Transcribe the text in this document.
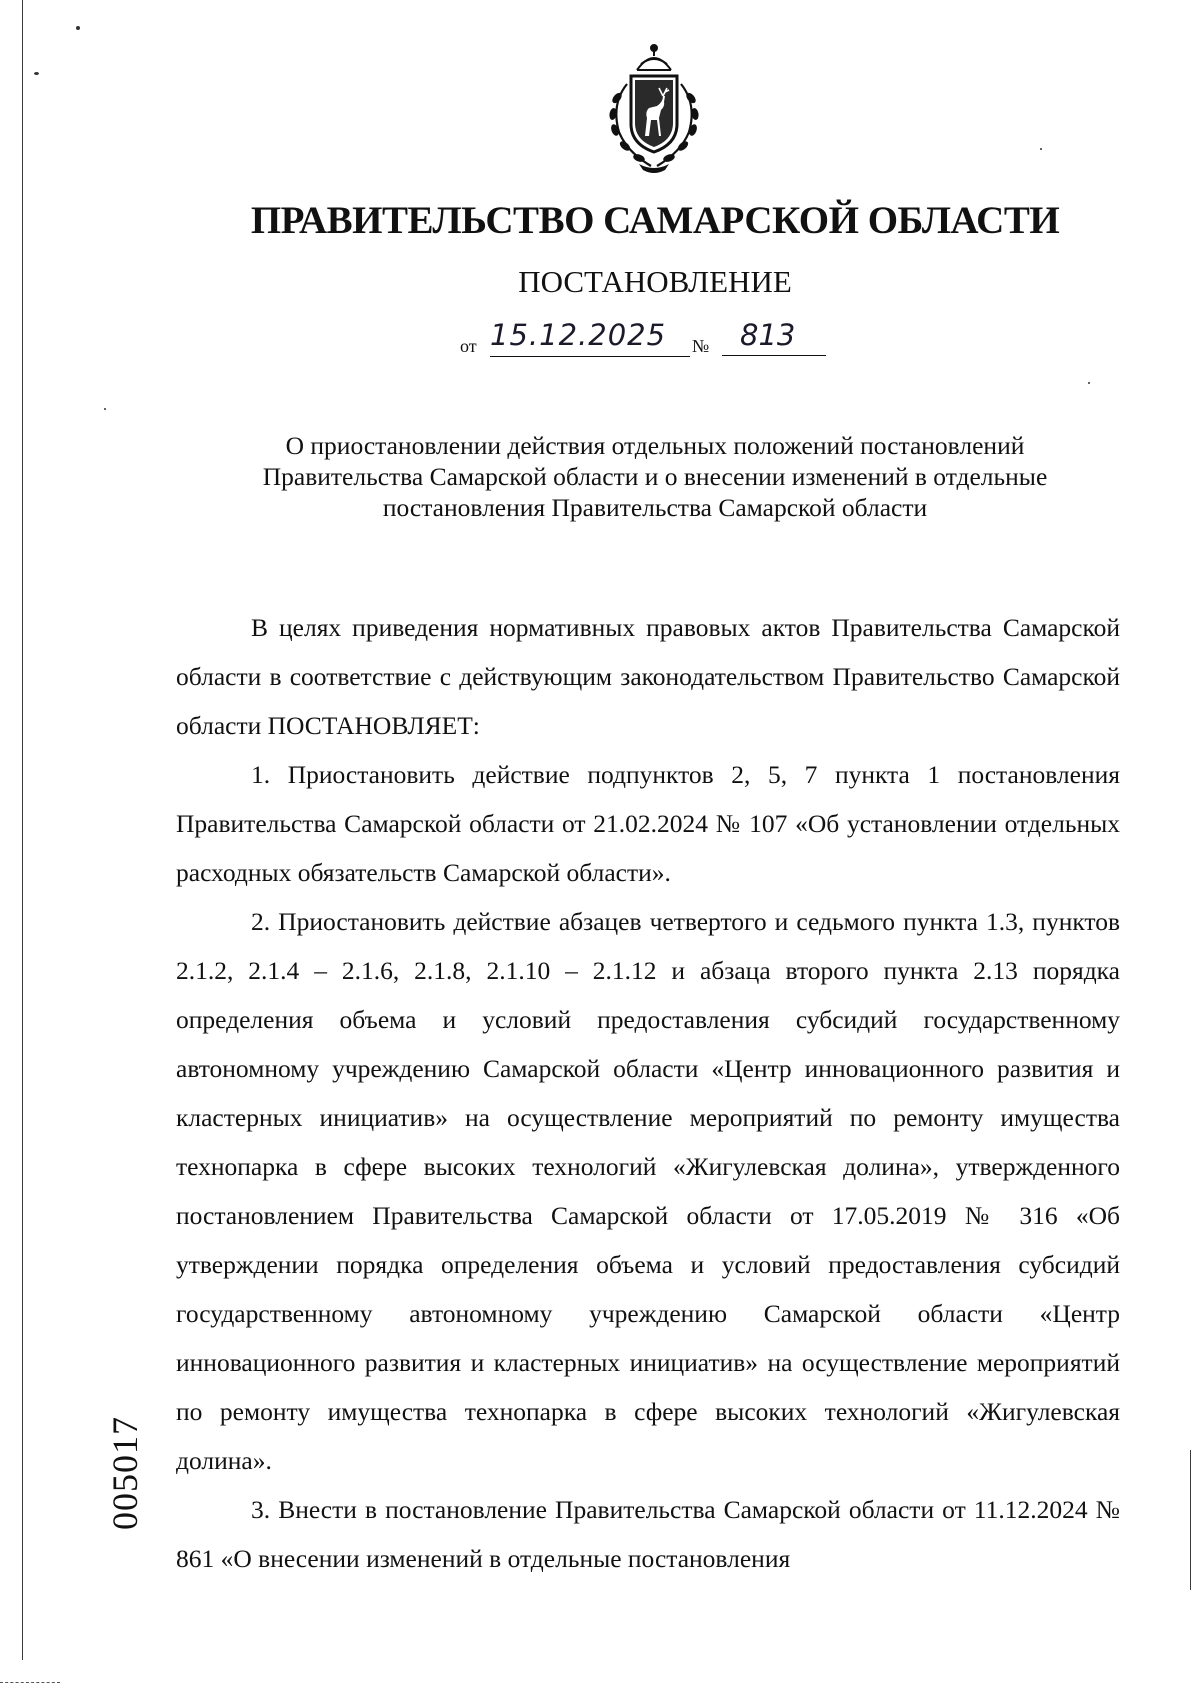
ПРАВИТЕЛЬСТВО САМАРСКОЙ ОБЛАСТИ
ПОСТАНОВЛЕНИЕ
от 15.12.2025	№	813
О приостановлении действия отдельных положений постановлений
Правительства Самарской области и о внесении изменений в отдельные
постановления Правительства Самарской области

В целях приведения нормативных правовых актов Правительства Самарской области в соответствие с действующим законодательством Правительство Самарской области ПОСТАНОВЛЯЕТ:

1. Приостановить действие подпунктов 2, 5, 7 пункта 1 постановления Правительства Самарской области от 21.02.2024 № 107 «Об установлении отдельных расходных обязательств Самарской области».

2. Приостановить действие абзацев четвертого и седьмого пункта 1.3, пунктов 2.1.2, 2.1.4 – 2.1.6, 2.1.8, 2.1.10 – 2.1.12 и абзаца второго пункта 2.13 порядка определения объема и условий предоставления субсидий государственному автономному учреждению Самарской области «Центр инновационного развития и кластерных инициатив» на осуществление мероприятий по ремонту имущества технопарка в сфере высоких технологий «Жигулевская долина», утвержденного постановлением Правительства Самарской области от 17.05.2019 № 316 «Об утверждении порядка определения объема и условий предоставления субсидий государственному автономному учреждению Самарской области «Центр инновационного развития и кластерных инициатив» на осуществление мероприятий по ремонту имущества технопарка в сфере высоких технологий «Жигулевская долина».

3. Внести в постановление Правительства Самарской области от 11.12.2024 № 861 «О внесении изменений в отдельные постановления

005017
